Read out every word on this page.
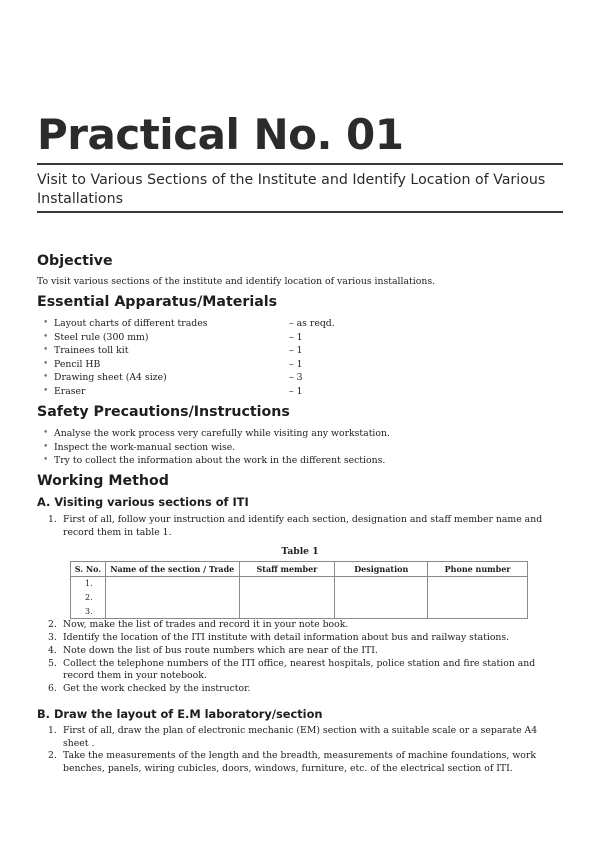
Practical No. 01
Visit to Various Sections of the Institute and Identify Location of Various Installations
Objective

To visit various sections of the institute and identify location of various installations.

Essential Apparatus/Materials
• Layout charts of different trades	– as reqd.
• Steel rule (300 mm)	– 1
• Trainees toll kit	– 1
• Pencil HB	– 1
• Drawing sheet (A4 size)	– 3
• Eraser	– 1
Safety Precautions/Instructions
• Analyse the work process very carefully while visiting any workstation.
• Inspect the work-manual section wise.
• Try to collect the information about the work in the different sections.
Working Method
A. Visiting various sections of ITI
1. First of all, follow your instruction and identify each section, designation and staff member name and record them in table 1.
Table 1
S. No.	Name of the section / Trade	Staff member	Designation	Phone number
1.				
2.				
3.				
2. Now, make the list of trades and record it in your note book.
3. Identify the location of the ITI institute with detail information about bus and railway stations.
4. Note down the list of bus route numbers which are near of the ITI.
5. Collect the telephone numbers of the ITI office, nearest hospitals, police station and fire station and record them in your notebook.
6. Get the work checked by the instructor.
B. Draw the layout of E.M laboratory/section
1. First of all, draw the plan of electronic mechanic (EM) section with a suitable scale or a separate A4 sheet .
2. Take the measurements of the length and the breadth, measurements of machine foundations, work benches, panels, wiring cubicles, doors, windows, furniture, etc. of the electrical section of ITI.
